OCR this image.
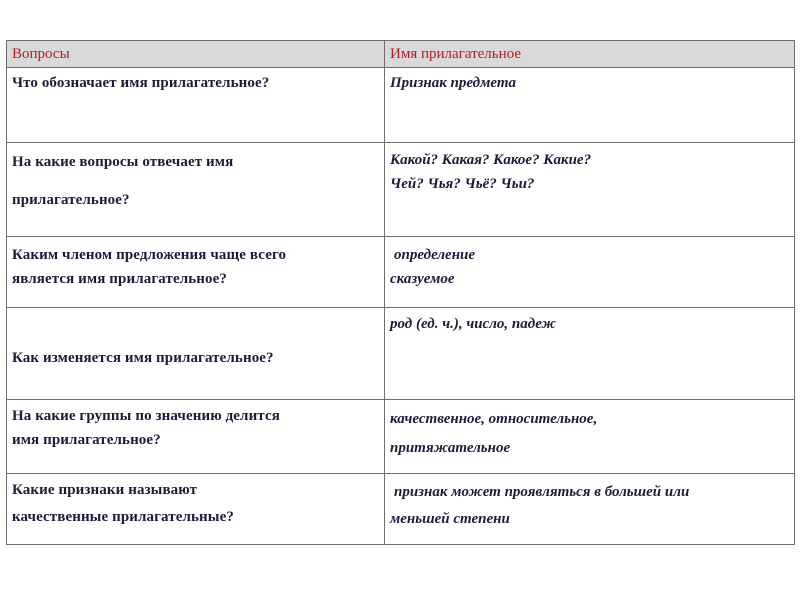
Вопросы	Имя прилагательное

Что обозначает имя прилагательное?	Признак предмета

На какие вопросы отвечает имя
прилагательное?	Какой? Какая? Какое? Какие?
Чей? Чья? Чьё? Чьи?

Каким членом предложения чаще всего
является имя прилагательное?	определение
сказуемое

Как изменяется имя прилагательное?	род (ед. ч.), число, падеж

На какие группы по значению делится
имя прилагательное?	качественное, относительное,
притяжательное

Какие признаки называют
качественные прилагательные?	признак может проявляться в большей или
меньшей степени
